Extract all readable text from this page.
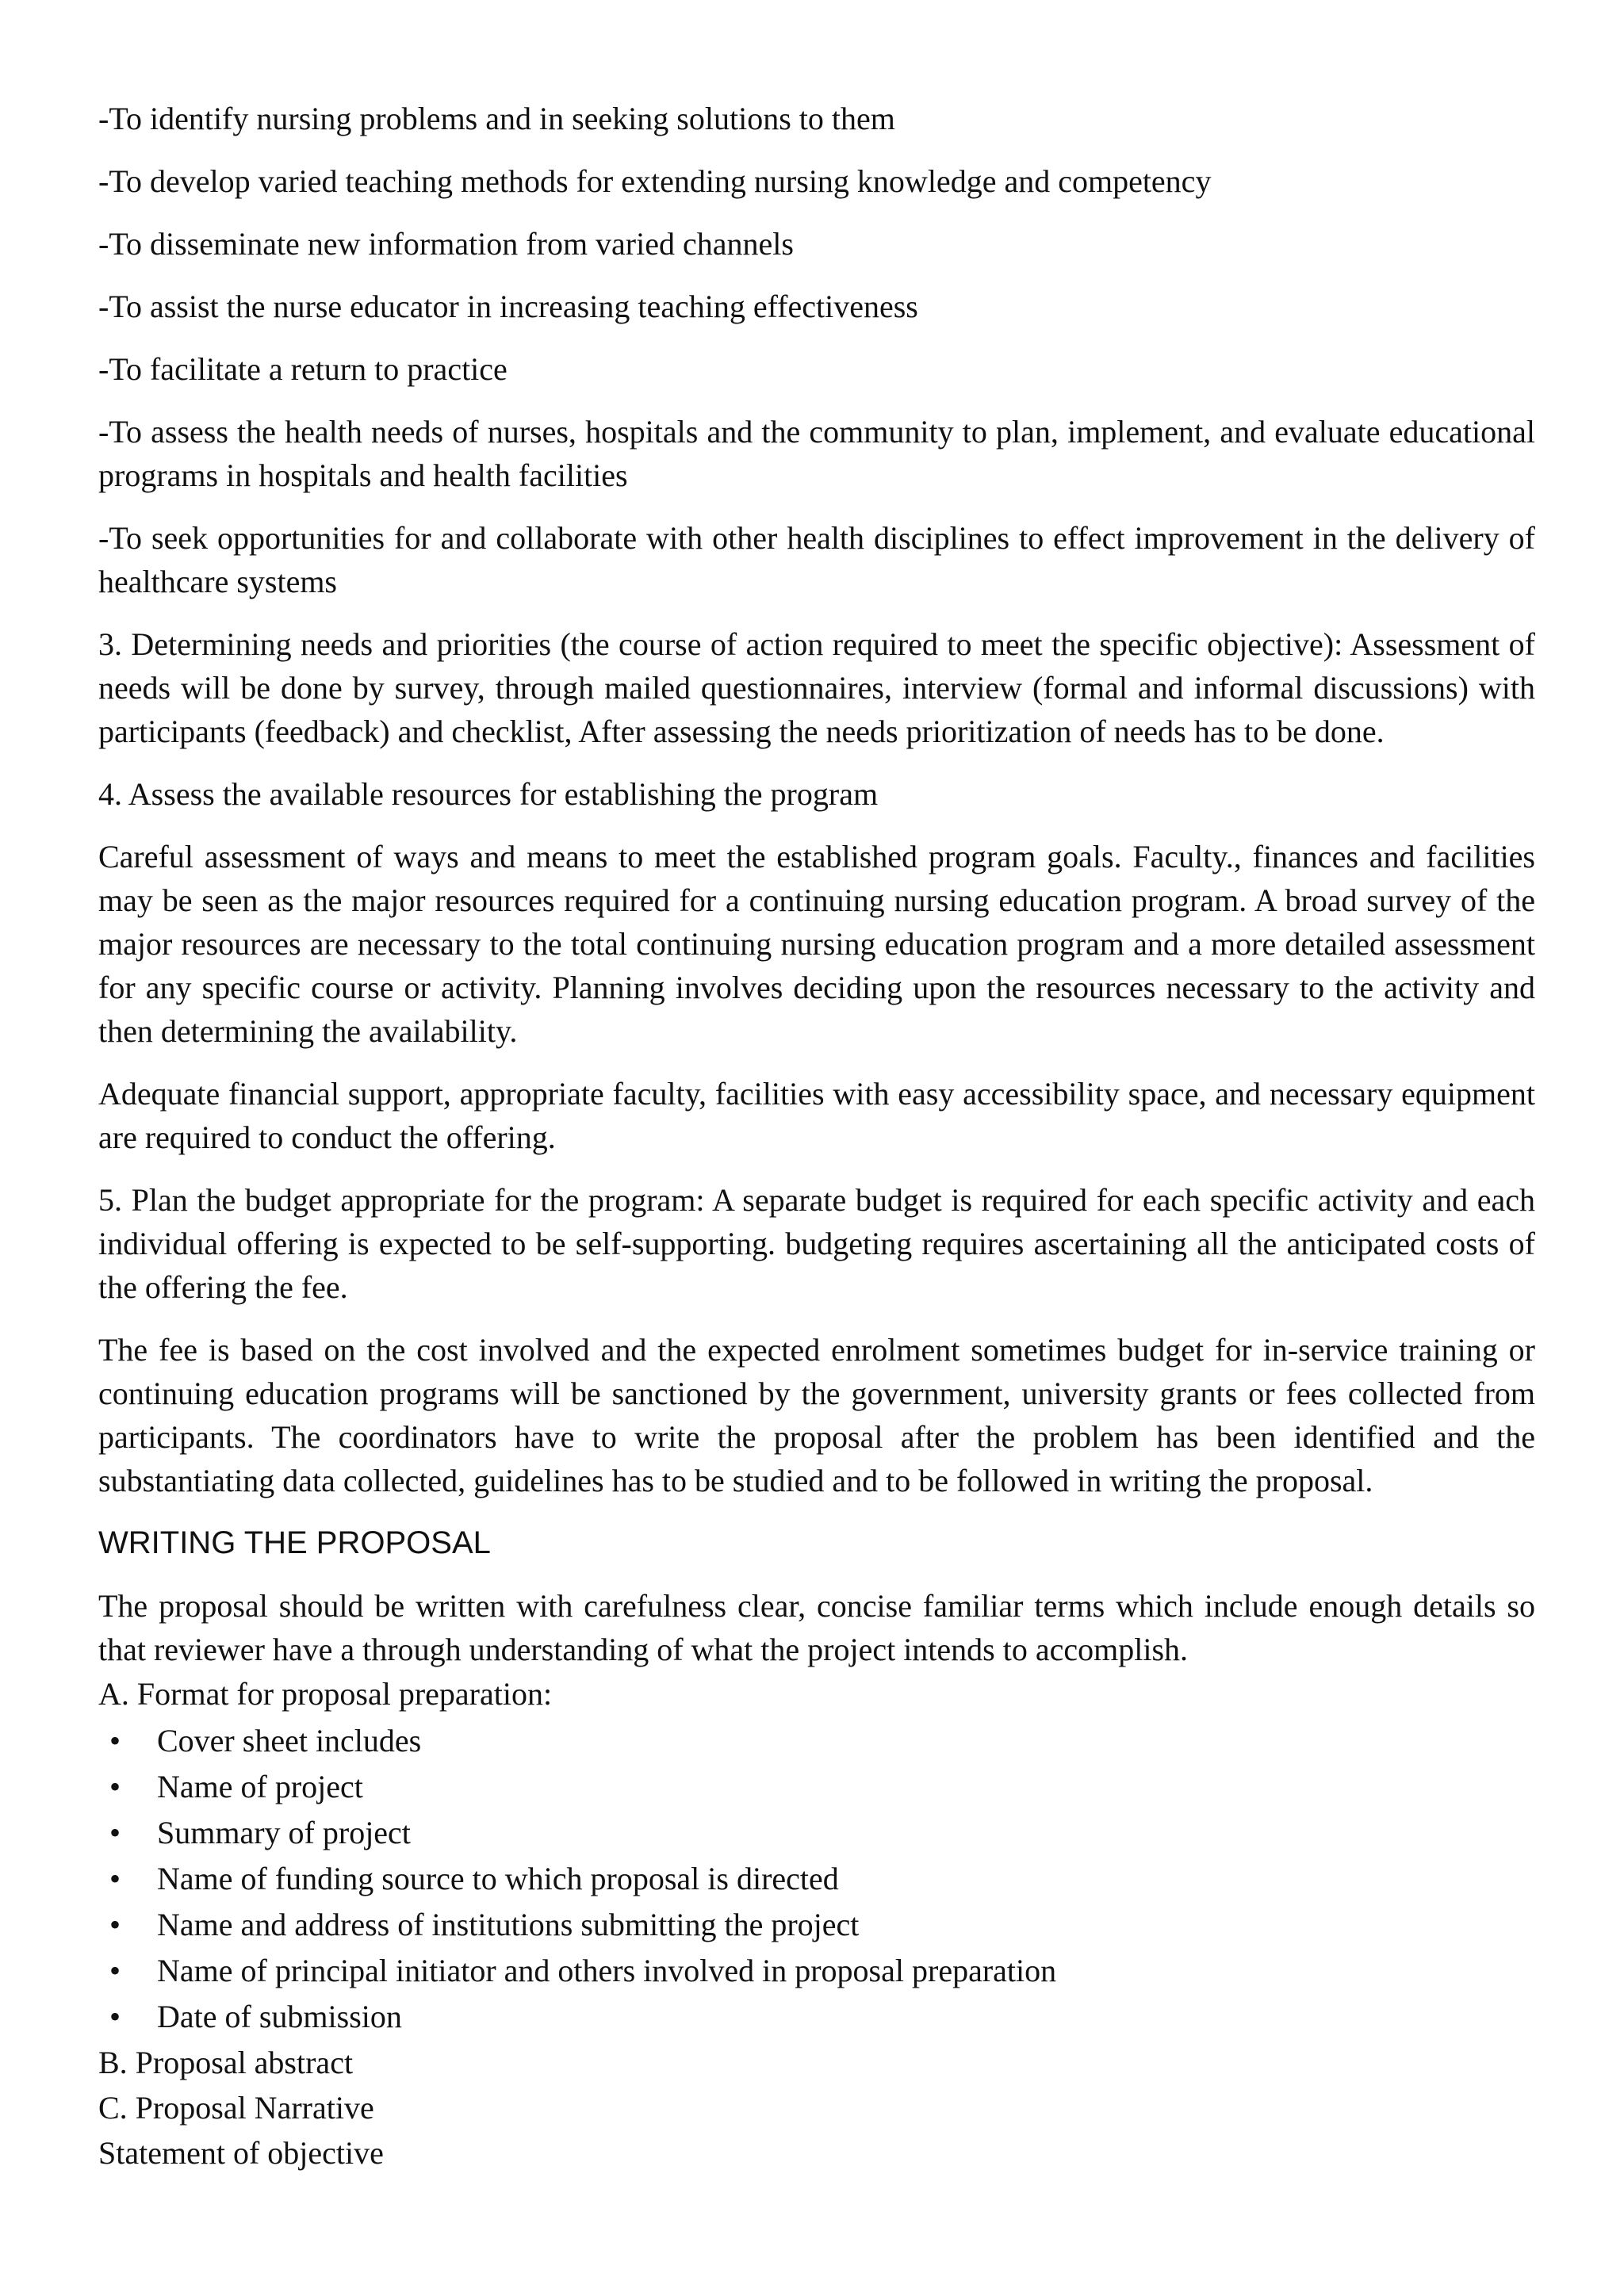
-To identify nursing problems and in seeking solutions to them

-To develop varied teaching methods for extending nursing knowledge and competency

-To disseminate new information from varied channels

-To assist the nurse educator in increasing teaching effectiveness

-To facilitate a return to practice

-To assess the health needs of nurses, hospitals and the community to plan, implement, and evaluate educational programs in hospitals and health facilities

-To seek opportunities for and collaborate with other health disciplines to effect improvement in the delivery of healthcare systems

3. Determining needs and priorities (the course of action required to meet the specific objective): Assessment of needs will be done by survey, through mailed questionnaires, interview (formal and informal discussions) with participants (feedback) and checklist, After assessing the needs prioritization of needs has to be done.

4. Assess the available resources for establishing the program

Careful assessment of ways and means to meet the established program goals. Faculty., finances and facilities may be seen as the major resources required for a continuing nursing education program. A broad survey of the major resources are necessary to the total continuing nursing education program and a more detailed assessment for any specific course or activity. Planning involves deciding upon the resources necessary to the activity and then determining the availability.

Adequate financial support, appropriate faculty, facilities with easy accessibility space, and necessary equipment are required to conduct the offering.

5. Plan the budget appropriate for the program: A separate budget is required for each specific activity and each individual offering is expected to be self-supporting. budgeting requires ascertaining all the anticipated costs of the offering the fee.

The fee is based on the cost involved and the expected enrolment sometimes budget for in-service training or continuing education programs will be sanctioned by the government, university grants or fees collected from participants. The coordinators have to write the proposal after the problem has been identified and the substantiating data collected, guidelines has to be studied and to be followed in writing the proposal.

WRITING THE PROPOSAL

The proposal should be written with carefulness clear, concise familiar terms which include enough details so that reviewer have a through understanding of what the project intends to accomplish.

A. Format for proposal preparation:

• Cover sheet includes
• Name of project
• Summary of project
• Name of funding source to which proposal is directed
• Name and address of institutions submitting the project
• Name of principal initiator and others involved in proposal preparation
• Date of submission

B. Proposal abstract

C. Proposal Narrative

Statement of objective
